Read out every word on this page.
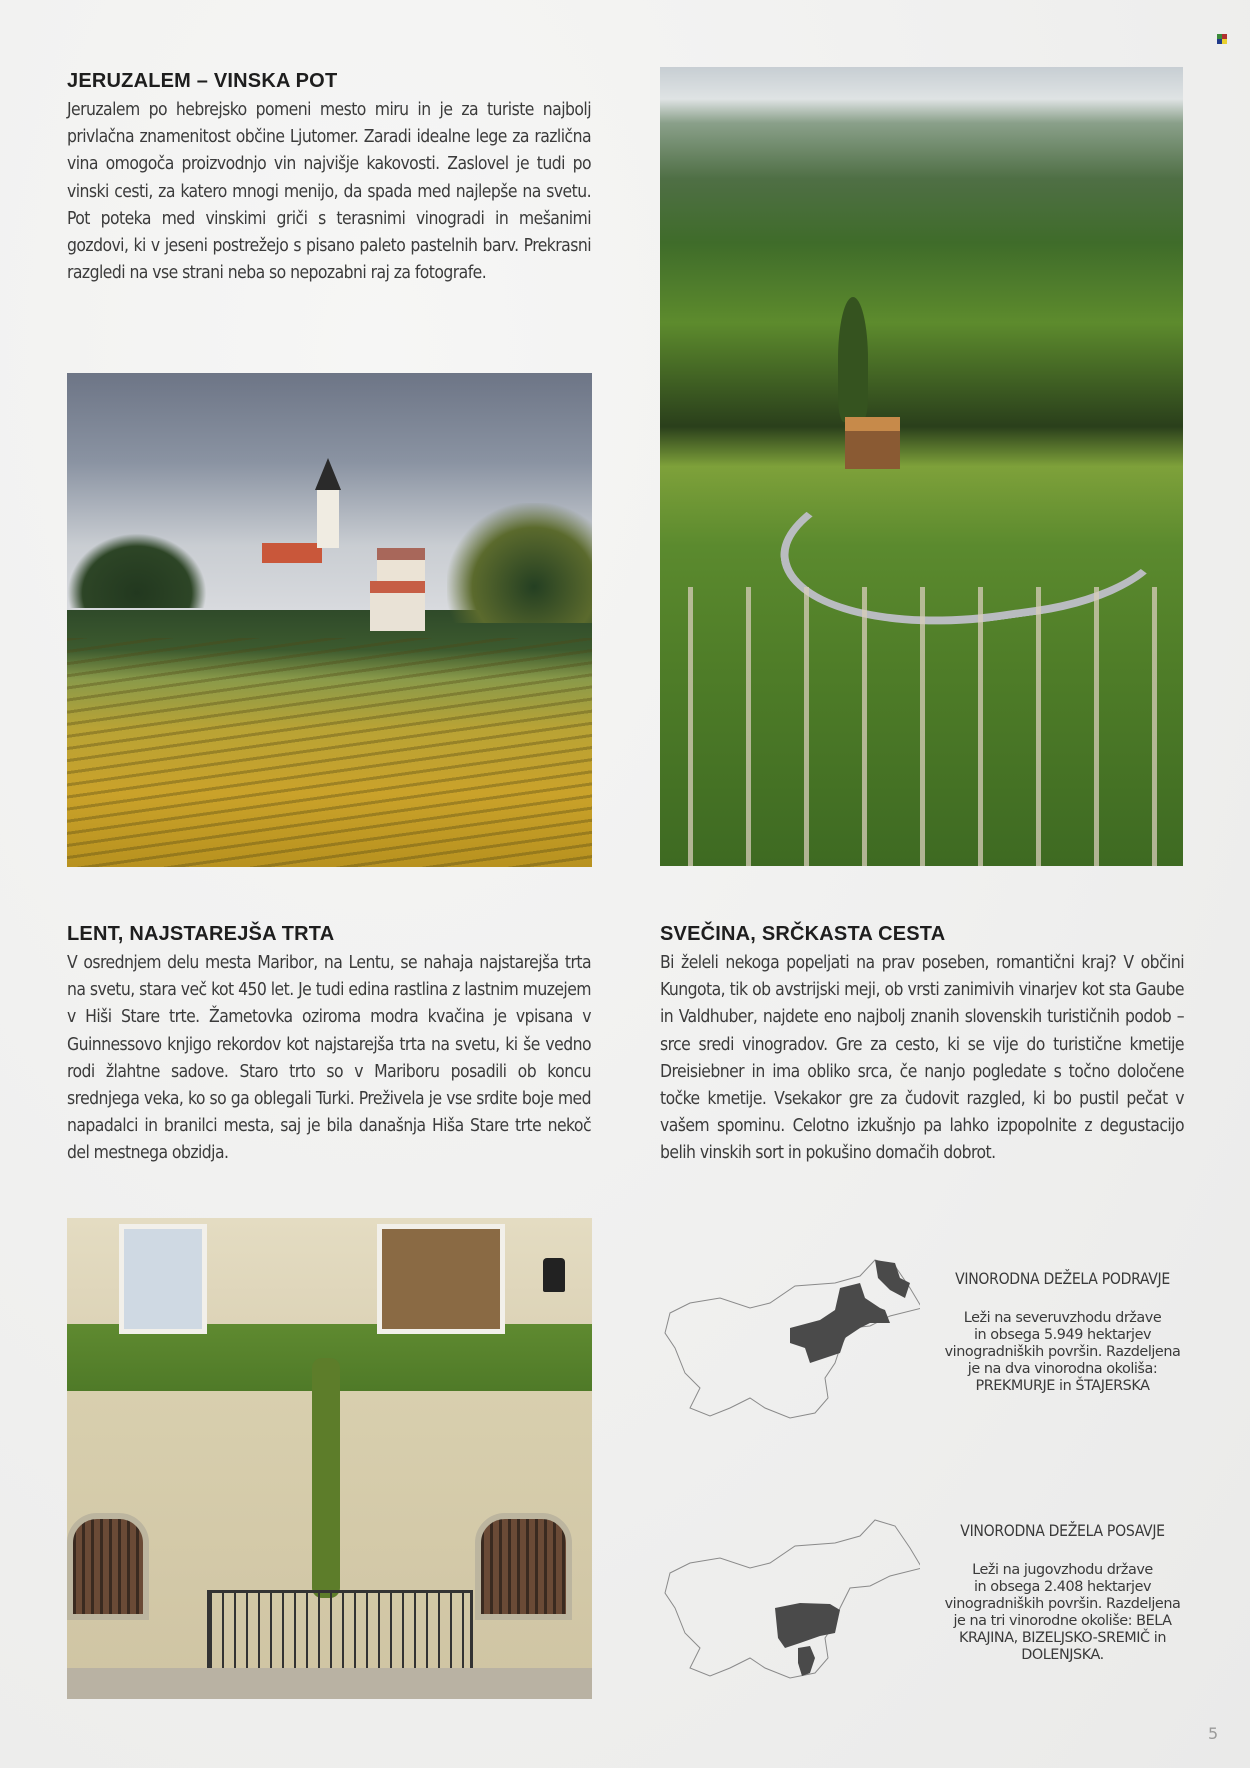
JERUZALEM – VINSKA POT

Jeruzalem po hebrejsko pomeni mesto miru in je za turiste najbolj privlačna znamenitost občine Ljutomer. Zaradi idealne lege za različna vina omogoča proizvodnjo vin najvišje kakovosti. Zaslovel je tudi po vinski cesti, za katero mnogi menijo, da spada med najlepše na svetu. Pot poteka med vinskimi griči s terasnimi vinogradi in mešanimi gozdovi, ki v jeseni postrežejo s pisano paleto pastelnih barv. Prekrasni razgledi na vse strani neba so nepozabni raj za fotografe.

LENT, NAJSTAREJŠA TRTA

V osrednjem delu mesta Maribor, na Lentu, se nahaja najstarejša trta na svetu, stara več kot 450 let. Je tudi edina rastlina z lastnim muzejem v Hiši Stare trte. Žametovka oziroma modra kvačina je vpisana v Guinnessovo knjigo rekordov kot najstarejša trta na svetu, ki še vedno rodi žlahtne sadove. Staro trto so v Mariboru posadili ob koncu srednjega veka, ko so ga oblegali Turki. Preživela je vse srdite boje med napadalci in branilci mesta, saj je bila današnja Hiša Stare trte nekoč del mestnega obzidja.

SVEČINA, SRČKASTA CESTA

Bi želeli nekoga popeljati na prav poseben, romantični kraj? V občini Kungota, tik ob avstrijski meji, ob vrsti zanimivih vinarjev kot sta Gaube in Valdhuber, najdete eno najbolj znanih slovenskih turističnih podob – srce sredi vinogradov. Gre za cesto, ki se vije do turistične kmetije Dreisiebner in ima obliko srca, če nanjo pogledate s točno določene točke kmetije. Vsekakor gre za čudovit razgled, ki bo pustil pečat v vašem spominu. Celotno izkušnjo pa lahko izpopolnite z degustacijo belih vinskih sort in pokušino domačih dobrot.

VINORODNA DEŽELA PODRAVJE

Leži na severuvzhodu države

in obsega 5.949 hektarjev

vinogradniških površin. Razdeljena

je na dva vinorodna okoliša:

PREKMURJE in ŠTAJERSKA

VINORODNA DEŽELA POSAVJE

Leži na jugovzhodu države

in obsega 2.408 hektarjev

vinogradniških površin. Razdeljena

je na tri vinorodne okoliše: BELA

KRAJINA, BIZELJSKO-SREMIČ in

DOLENJSKA.

5
